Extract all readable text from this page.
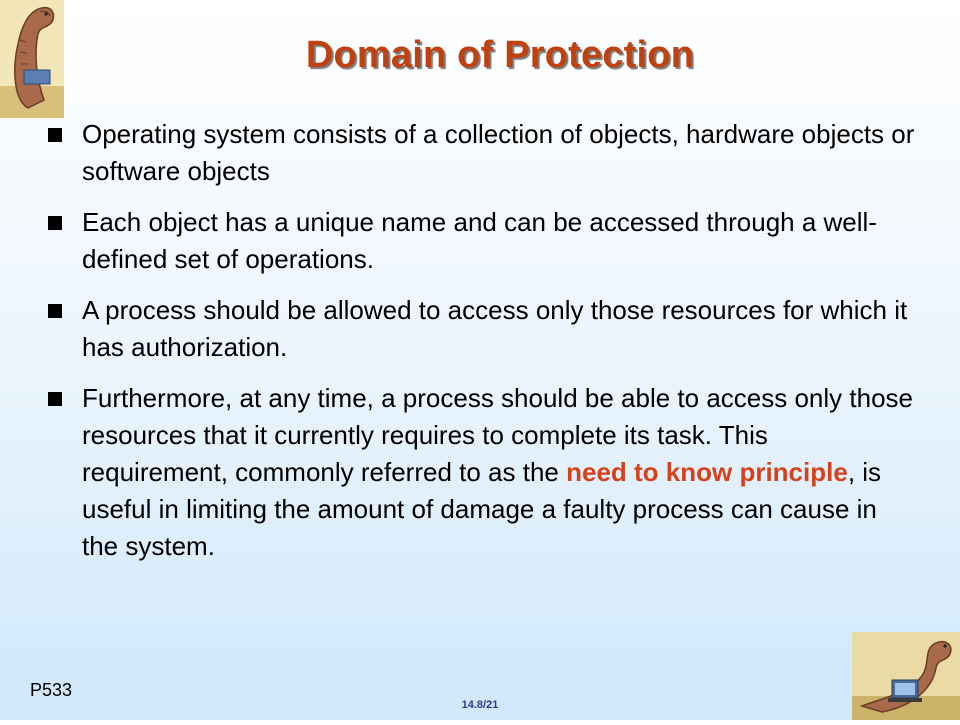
Domain of Protection
Operating system consists of a collection of objects, hardware objects or software objects
Each object has a unique name and can be accessed through a well-defined set of operations.
A process should be allowed to access only those resources for which it has authorization.
Furthermore, at any time, a process should be able to access only those resources that it currently requires to complete its task. This requirement, commonly referred to as the need to know principle, is useful in limiting the amount of damage a faulty process can cause in the system.
P533
14.8/21
